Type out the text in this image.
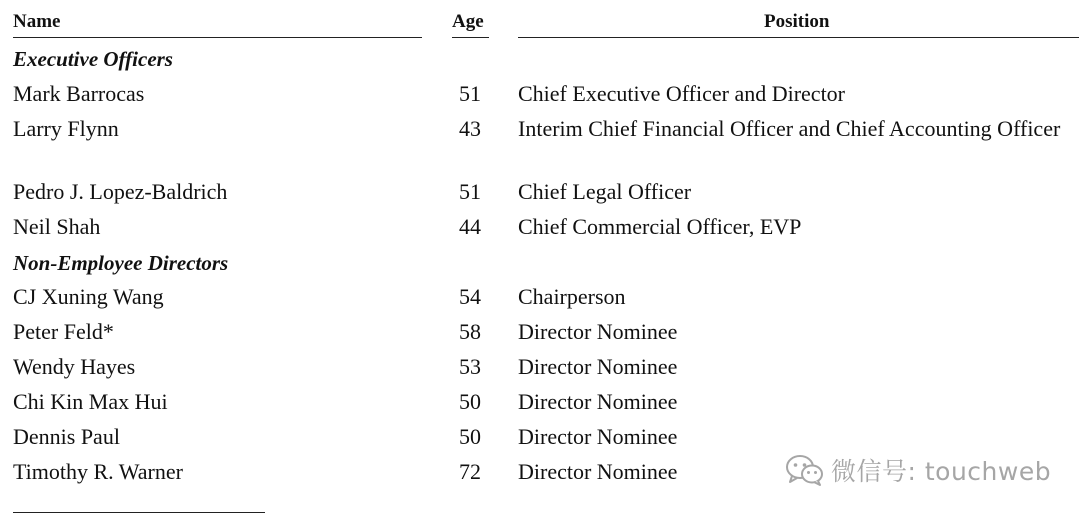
Name	Age	Position
Executive Officers
Mark Barrocas	51	Chief Executive Officer and Director
Larry Flynn	43	Interim Chief Financial Officer and Chief Accounting Officer
Pedro J. Lopez-Baldrich	51	Chief Legal Officer
Neil Shah	44	Chief Commercial Officer, EVP
Non-Employee Directors
CJ Xuning Wang	54	Chairperson
Peter Feld*	58	Director Nominee
Wendy Hayes	53	Director Nominee
Chi Kin Max Hui	50	Director Nominee
Dennis Paul	50	Director Nominee
Timothy R. Warner	72	Director Nominee	微信号: touchweb
